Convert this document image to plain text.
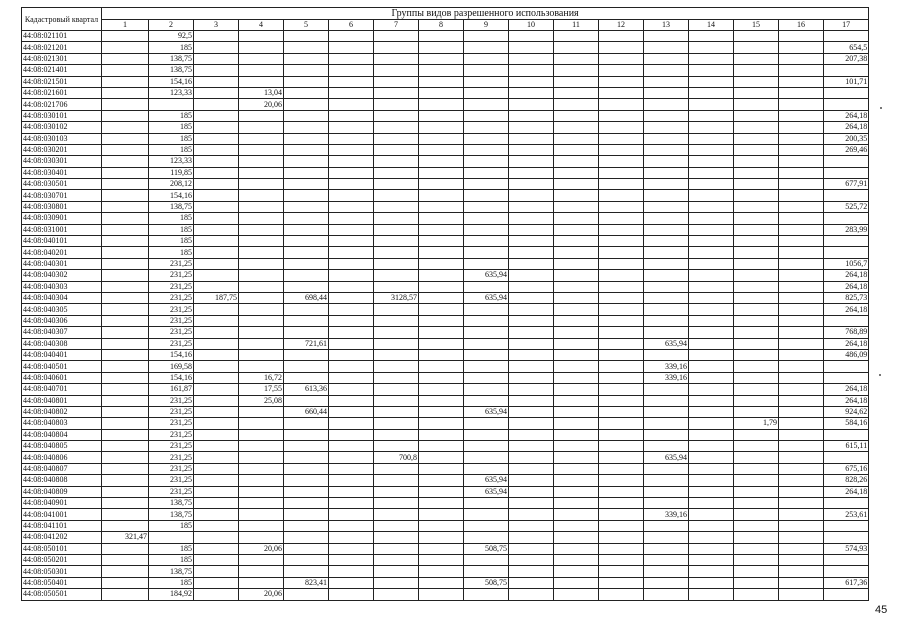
Кадастровый квартал	Группы видов разрешенного использования																
	1	2	3	4	5	6	7	8	9	10	11	12	13	14	15	16	17
44:08:021101		92,5															
44:08:021201		185															654,5
44:08:021301		138,75															207,38
44:08:021401		138,75															
44:08:021501		154,16															101,71
44:08:021601		123,33		13,04													
44:08:021706				20,06													
44:08:030101		185															264,18
44:08:030102		185															264,18
44:08:030103		185															200,35
44:08:030201		185															269,46
44:08:030301		123,33															
44:08:030401		119,85															
44:08:030501		208,12															677,91
44:08:030701		154,16															
44:08:030801		138,75															525,72
44:08:030901		185															
44:08:031001		185															283,99
44:08:040101		185															
44:08:040201		185															
44:08:040301		231,25															1056,7
44:08:040302		231,25							635,94								264,18
44:08:040303		231,25															264,18
44:08:040304		231,25	187,75		698,44		3128,57		635,94								825,73
44:08:040305		231,25															264,18
44:08:040306		231,25															
44:08:040307		231,25															768,89
44:08:040308		231,25			721,61								635,94				264,18
44:08:040401		154,16															486,09
44:08:040501		169,58											339,16				
44:08:040601		154,16		16,72									339,16				
44:08:040701		161,87		17,55	613,36												264,18
44:08:040801		231,25		25,08													264,18
44:08:040802		231,25			660,44				635,94								924,62
44:08:040803		231,25													1,79		584,16
44:08:040804		231,25															
44:08:040805		231,25															615,11
44:08:040806		231,25					700,8						635,94				
44:08:040807		231,25															675,16
44:08:040808		231,25							635,94								828,26
44:08:040809		231,25							635,94								264,18
44:08:040901		138,75															
44:08:041001		138,75											339,16				253,61
44:08:041101		185															
44:08:041202	321,47																
44:08:050101		185		20,06					508,75								574,93
44:08:050201		185															
44:08:050301		138,75															
44:08:050401		185			823,41				508,75								617,36
44:08:050501		184,92		20,06													
45
